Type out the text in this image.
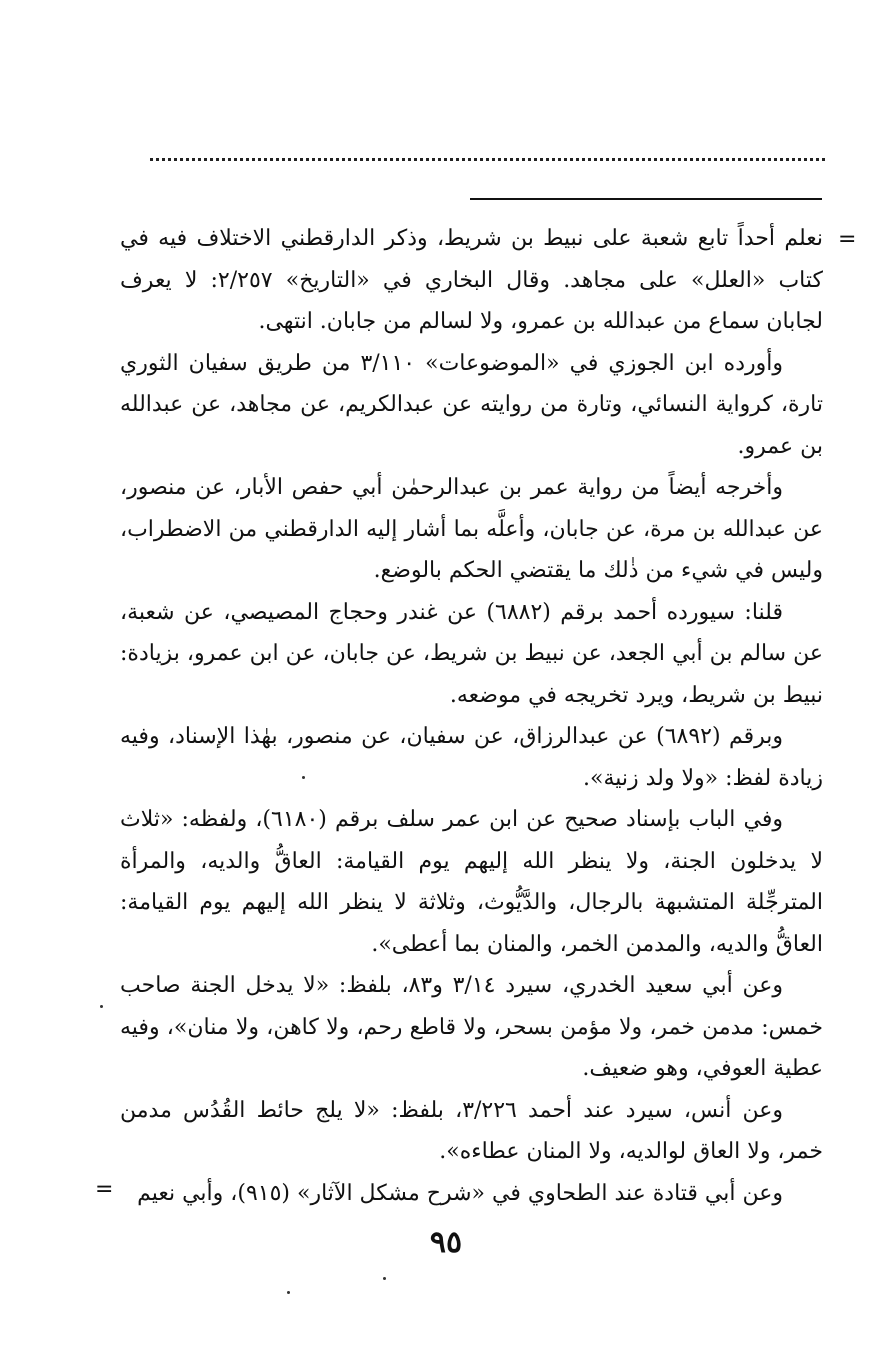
=

نعلم أحداً تابع شعبة على نبيط بن شريط، وذكر الدارقطني الاختلاف فيه في كتاب «العلل» على مجاهد. وقال البخاري في «التاريخ» ٢/٢٥٧: لا يعرف لجابان سماع من عبدالله بن عمرو، ولا لسالم من جابان. انتهى.

وأورده ابن الجوزي في «الموضوعات» ٣/١١٠ من طريق سفيان الثوري تارة، كرواية النسائي، وتارة من روايته عن عبدالكريم، عن مجاهد، عن عبدالله بن عمرو.

وأخرجه أيضاً من رواية عمر بن عبدالرحمٰن أبي حفص الأبار، عن منصور، عن عبدالله بن مرة، عن جابان، وأعلَّه بما أشار إليه الدارقطني من الاضطراب، وليس في شيء من ذٰلك ما يقتضي الحكم بالوضع.

قلنا: سيورده أحمد برقم (٦٨٨٢) عن غندر وحجاج المصيصي، عن شعبة، عن سالم بن أبي الجعد، عن نبيط بن شريط، عن جابان، عن ابن عمرو، بزيادة: نبيط بن شريط، ويرد تخريجه في موضعه.

وبرقم (٦٨٩٢) عن عبدالرزاق، عن سفيان، عن منصور، بهٰذا الإسناد، وفيه زيادة لفظ: «ولا ولد زنية».

وفي الباب بإسناد صحيح عن ابن عمر سلف برقم (٦١٨٠)، ولفظه: «ثلاث لا يدخلون الجنة، ولا ينظر الله إليهم يوم القيامة: العاقُّ والديه، والمرأة المترجِّلة المتشبهة بالرجال، والدَّيُّوث، وثلاثة لا ينظر الله إليهم يوم القيامة: العاقُّ والديه، والمدمن الخمر، والمنان بما أعطى».

وعن أبي سعيد الخدري، سيرد ٣/١٤ و٨٣، بلفظ: «لا يدخل الجنة صاحب خمس: مدمن خمر، ولا مؤمن بسحر، ولا قاطع رحم، ولا كاهن، ولا منان»، وفيه عطية العوفي، وهو ضعيف.

وعن أنس، سيرد عند أحمد ٣/٢٢٦، بلفظ: «لا يلج حائط القُدُس مدمن خمر، ولا العاق لوالديه، ولا المنان عطاءه».

وعن أبي قتادة عند الطحاوي في «شرح مشكل الآثار» (٩١٥)، وأبي نعيم

=
٩٥
